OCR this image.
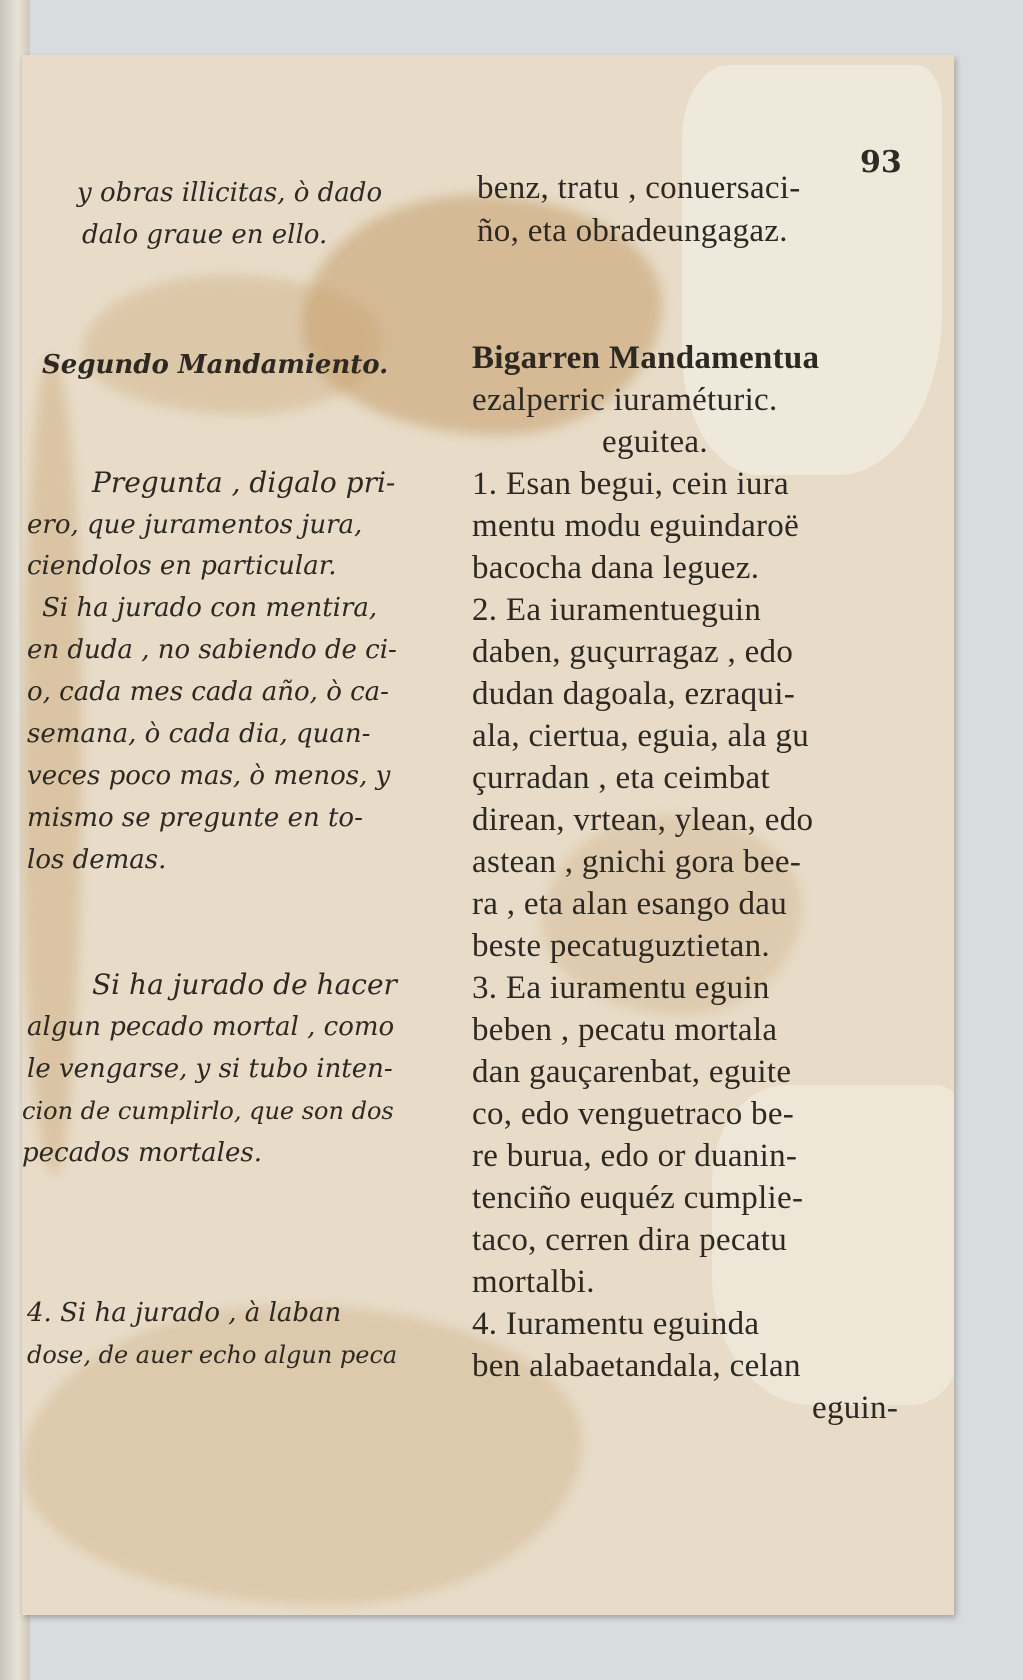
93
y obras illicitas, ò dado
dalo graue en ello.
Segundo Mandamiento.
Pregunta , digalo pri-
ero, que juramentos jura,
ciendolos en particular.
Si ha jurado con mentira,
en duda , no sabiendo de ci-
o, cada mes cada año, ò ca-
semana, ò cada dia, quan-
veces poco mas, ò menos, y
mismo se pregunte en to-
los demas.
Si ha jurado de hacer
algun pecado mortal , como
le vengarse, y si tubo inten-
cion de cumplirlo, que son dos
pecados mortales.
4. Si ha jurado , à laban
dose, de auer echo algun peca
benz, tratu , conuersaci-
ño, eta obradeungagaz.
Bigarren Mandamentua
ezalperric iuraméturic.
eguitea.
1. Esan begui, cein iura
mentu modu eguindaroë
bacocha dana leguez.
2. Ea iuramentueguin
daben, guçurragaz , edo
dudan dagoala, ezraqui-
ala, ciertua, eguia, ala gu
çurradan , eta ceimbat
direan, vrtean, ylean, edo
astean , gnichi gora bee-
ra , eta alan esango dau
beste pecatuguztietan.
3. Ea iuramentu eguin
beben , pecatu mortala
dan gauçarenbat, eguite
co, edo venguetraco be-
re buruа, edo or duanin-
tenciño euquéz cumplie-
taco, cerren dira pecatu
mortalbi.
4. Iuramentu eguinda
ben alabaetandala, celan
eguin-
